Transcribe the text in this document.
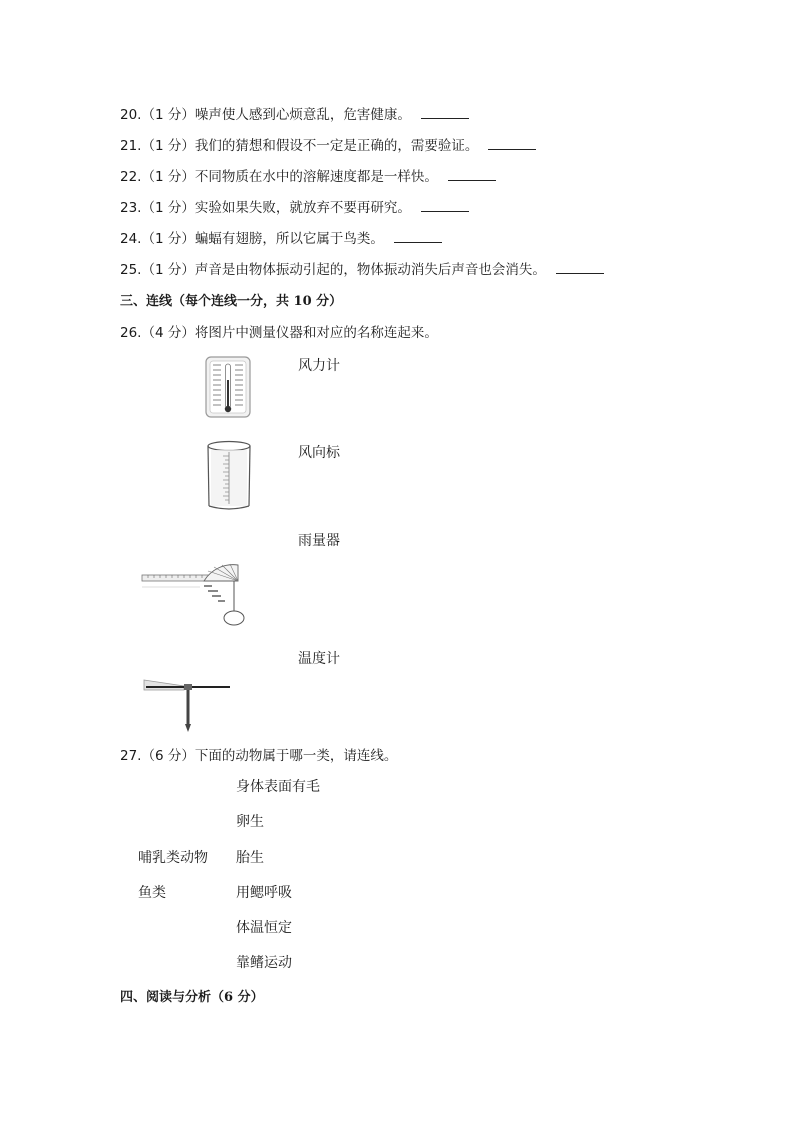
20.（1 分）噪声使人感到心烦意乱，危害健康。
21.（1 分）我们的猜想和假设不一定是正确的，需要验证。
22.（1 分）不同物质在水中的溶解速度都是一样快。
23.（1 分）实验如果失败，就放弃不要再研究。
24.（1 分）蝙蝠有翅膀，所以它属于鸟类。
25.（1 分）声音是由物体振动引起的，物体振动消失后声音也会消失。
三、连线（每个连线一分，共 10 分）
26.（4 分）将图片中测量仪器和对应的名称连起来。
风力计
风向标
雨量器
温度计
27.（6 分）下面的动物属于哪一类，请连线。
身体表面有毛
卵生
胎生
用鳃呼吸
体温恒定
靠鳍运动
哺乳类动物
鱼类
四、阅读与分析（6 分）
